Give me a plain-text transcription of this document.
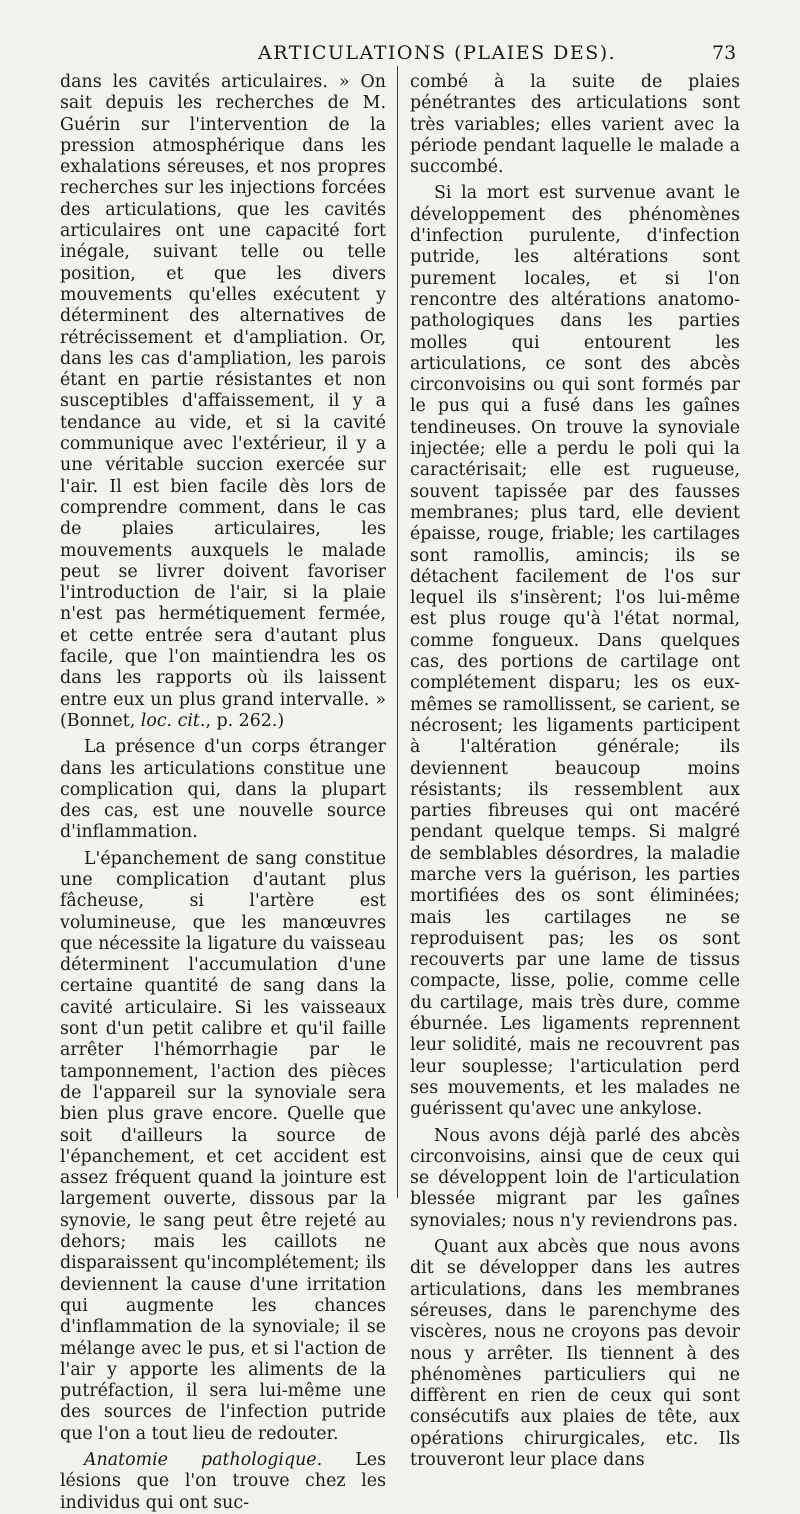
ARTICULATIONS (PLAIES DES).	73

dans les cavités articulaires. » On sait depuis les recherches de M. Guérin sur l'intervention de la pression atmosphérique dans les exhalations séreuses, et nos propres recherches sur les injections forcées des articulations, que les cavités articulaires ont une capacité fort inégale, suivant telle ou telle position, et que les divers mouvements qu'elles exécutent y déterminent des alternatives de rétrécissement et d'ampliation. Or, dans les cas d'ampliation, les parois étant en partie résistantes et non susceptibles d'affaissement, il y a tendance au vide, et si la cavité communique avec l'extérieur, il y a une véritable succion exercée sur l'air. Il est bien facile dès lors de comprendre comment, dans le cas de plaies articulaires, les mouvements auxquels le malade peut se livrer doivent favoriser l'introduction de l'air, si la plaie n'est pas hermétiquement fermée, et cette entrée sera d'autant plus facile, que l'on maintiendra les os dans les rapports où ils laissent entre eux un plus grand intervalle. » (Bonnet, loc. cit., p. 262.)

La présence d'un corps étranger dans les articulations constitue une complication qui, dans la plupart des cas, est une nouvelle source d'inflammation.

L'épanchement de sang constitue une complication d'autant plus fâcheuse, si l'artère est volumineuse, que les manœuvres que nécessite la ligature du vaisseau déterminent l'accumulation d'une certaine quantité de sang dans la cavité articulaire. Si les vaisseaux sont d'un petit calibre et qu'il faille arrêter l'hémorrhagie par le tamponnement, l'action des pièces de l'appareil sur la synoviale sera bien plus grave encore. Quelle que soit d'ailleurs la source de l'épanchement, et cet accident est assez fréquent quand la jointure est largement ouverte, dissous par la synovie, le sang peut être rejeté au dehors; mais les caillots ne disparaissent qu'incomplétement; ils deviennent la cause d'une irritation qui augmente les chances d'inflammation de la synoviale; il se mélange avec le pus, et si l'action de l'air y apporte les aliments de la putréfaction, il sera lui-même une des sources de l'infection putride que l'on a tout lieu de redouter.

Anatomie pathologique. Les lésions que l'on trouve chez les individus qui ont suc-

combé à la suite de plaies pénétrantes des articulations sont très variables; elles varient avec la période pendant laquelle le malade a succombé.

Si la mort est survenue avant le développement des phénomènes d'infection purulente, d'infection putride, les altérations sont purement locales, et si l'on rencontre des altérations anatomo-pathologiques dans les parties molles qui entourent les articulations, ce sont des abcès circonvoisins ou qui sont formés par le pus qui a fusé dans les gaînes tendineuses. On trouve la synoviale injectée; elle a perdu le poli qui la caractérisait; elle est rugueuse, souvent tapissée par des fausses membranes; plus tard, elle devient épaisse, rouge, friable; les cartilages sont ramollis, amincis; ils se détachent facilement de l'os sur lequel ils s'insèrent; l'os lui-même est plus rouge qu'à l'état normal, comme fongueux. Dans quelques cas, des portions de cartilage ont complétement disparu; les os eux-mêmes se ramollissent, se carient, se nécrosent; les ligaments participent à l'altération générale; ils deviennent beaucoup moins résistants; ils ressemblent aux parties fibreuses qui ont macéré pendant quelque temps. Si malgré de semblables désordres, la maladie marche vers la guérison, les parties mortifiées des os sont éliminées; mais les cartilages ne se reproduisent pas; les os sont recouverts par une lame de tissus compacte, lisse, polie, comme celle du cartilage, mais très dure, comme éburnée. Les ligaments reprennent leur solidité, mais ne recouvrent pas leur souplesse; l'articulation perd ses mouvements, et les malades ne guérissent qu'avec une ankylose.

Nous avons déjà parlé des abcès circonvoisins, ainsi que de ceux qui se développent loin de l'articulation blessée migrant par les gaînes synoviales; nous n'y reviendrons pas.

Quant aux abcès que nous avons dit se développer dans les autres articulations, dans les membranes séreuses, dans le parenchyme des viscères, nous ne croyons pas devoir nous y arrêter. Ils tiennent à des phénomènes particuliers qui ne diffèrent en rien de ceux qui sont consécutifs aux plaies de tête, aux opérations chirurgicales, etc. Ils trouveront leur place dans
